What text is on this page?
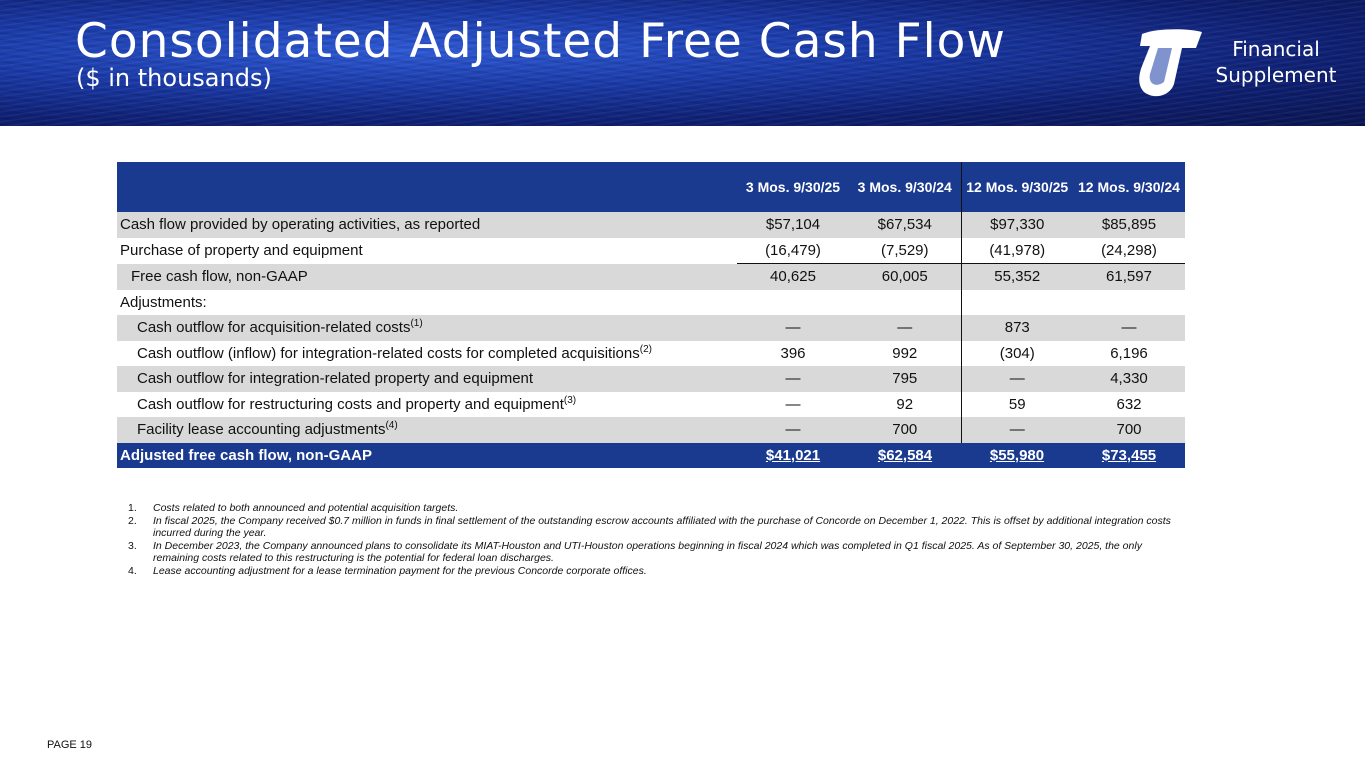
Consolidated Adjusted Free Cash Flow
($ in thousands)
Financial
Supplement
	3 Mos. 9/30/25	3 Mos. 9/30/24	12 Mos. 9/30/25	12 Mos. 9/30/24
Cash flow provided by operating activities, as reported	$57,104	$67,534	$97,330	$85,895
Purchase of property and equipment	(16,479)	(7,529)	(41,978)	(24,298)
Free cash flow, non-GAAP	40,625	60,005	55,352	61,597
Adjustments:				
Cash outflow for acquisition-related costs$^{(1)}$	—	—	873	—
Cash outflow (inflow) for integration-related costs for completed acquisitions$^{(2)}$	396	992	(304)	6,196
Cash outflow for integration-related property and equipment	—	795	—	4,330
Cash outflow for restructuring costs and property and equipment$^{(3)}$	—	92	59	632
Facility lease accounting adjustments$^{(4)}$	—	700	—	700
Adjusted free cash flow, non-GAAP	$41,021	$62,584	$55,980	$73,455
1. Costs related to both announced and potential acquisition targets.
2. In fiscal 2025, the Company received $0.7 million in funds in final settlement of the outstanding escrow accounts affiliated with the purchase of Concorde on December 1, 2022. This is offset by additional integration costs incurred during the year.
3. In December 2023, the Company announced plans to consolidate its MIAT-Houston and UTI-Houston operations beginning in fiscal 2024 which was completed in Q1 fiscal 2025. As of September 30, 2025, the only remaining costs related to this restructuring is the potential for federal loan discharges.
4. Lease accounting adjustment for a lease termination payment for the previous Concorde corporate offices.
PAGE 19
